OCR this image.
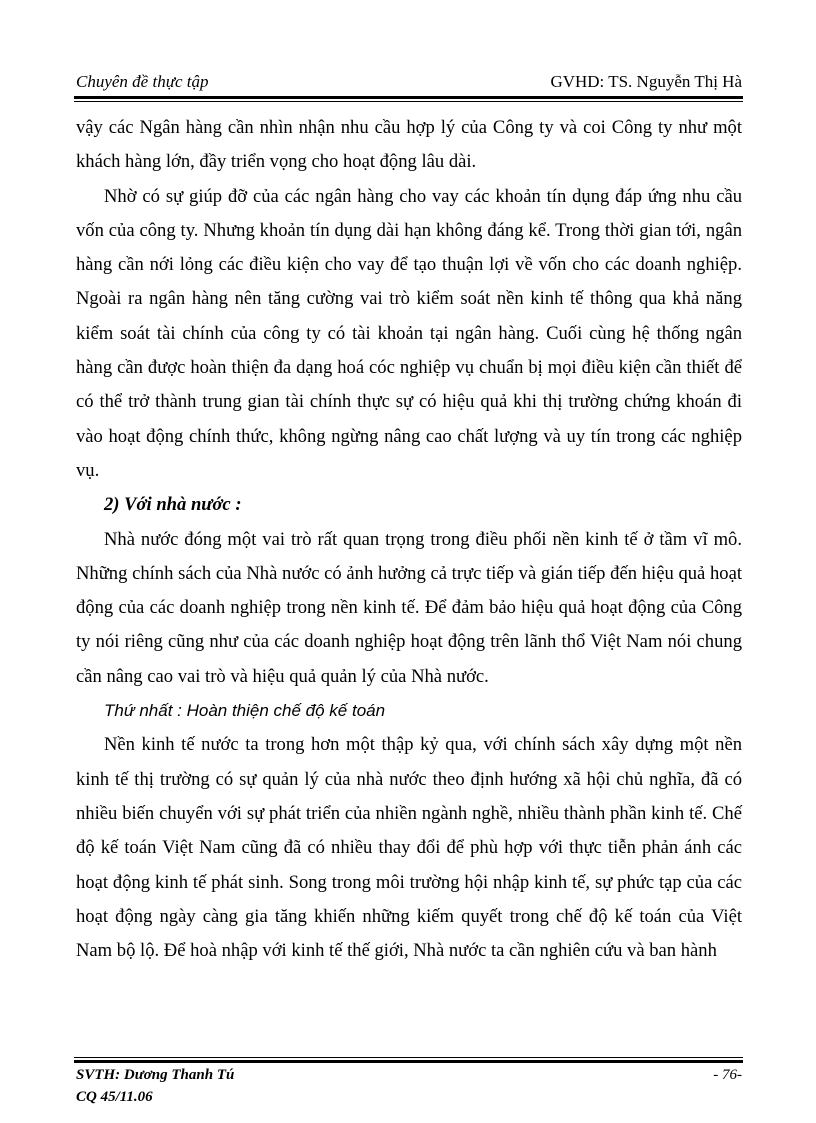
Chuyên đề thực tập	GVHD: TS. Nguyễn Thị Hà

vậy các Ngân hàng cần nhìn nhận nhu cầu hợp lý của Công ty và coi Công ty như một khách hàng lớn, đầy triển vọng cho hoạt động lâu dài.

Nhờ có sự giúp đỡ của các ngân hàng cho vay các khoản tín dụng đáp ứng nhu cầu vốn của công ty. Nhưng khoản tín dụng dài hạn không đáng kể. Trong thời gian tới, ngân hàng cần nới lỏng các điều kiện cho vay để tạo thuận lợi về vốn cho các doanh nghiệp. Ngoài ra ngân hàng nên tăng cường vai trò kiểm soát nền kinh tế thông qua khả năng kiểm soát tài chính của công ty có tài khoản tại ngân hàng. Cuối cùng hệ thống ngân hàng cần được hoàn thiện đa dạng hoá cóc nghiệp vụ chuẩn bị mọi điều kiện cần thiết để có thể trở thành trung gian tài chính thực sự có hiệu quả khi thị trường chứng khoán đi vào hoạt động chính thức, không ngừng nâng cao chất lượng và uy tín trong các nghiệp vụ.

2) Với nhà nước :

Nhà nước đóng một vai trò rất quan trọng trong điều phối nền kinh tế ở tầm vĩ mô. Những chính sách của Nhà nước có ảnh hưởng cả trực tiếp và gián tiếp đến hiệu quả hoạt động của các doanh nghiệp trong nền kinh tế. Để đảm bảo hiệu quả hoạt động của Công ty nói riêng cũng như của các doanh nghiệp hoạt động trên lãnh thổ Việt Nam nói chung cần nâng cao vai trò và hiệu quả quản lý của Nhà nước.

Thứ nhất : Hoàn thiện chế độ kế toán

Nền kinh tế nước ta trong hơn một thập kỷ qua, với chính sách xây dựng một nền kinh tế thị trường có sự quản lý của nhà nước theo định hướng xã hội chủ nghĩa, đã có nhiều biến chuyển với sự phát triển của nhiền ngành nghề, nhiều thành phần kinh tế. Chế độ kế toán Việt Nam cũng đã có nhiều thay đổi để phù hợp với thực tiễn phản ánh các hoạt động kinh tế phát sinh. Song trong môi trường hội nhập kinh tế, sự phức tạp của các hoạt động ngày càng gia tăng khiến những kiếm quyết trong chế độ kế toán của Việt Nam bộ lộ. Để hoà nhập với kinh tế thế giới, Nhà nước ta cần nghiên cứu và ban hành

SVTH: Dương Thanh Tú
CQ 45/11.06
- 76-
